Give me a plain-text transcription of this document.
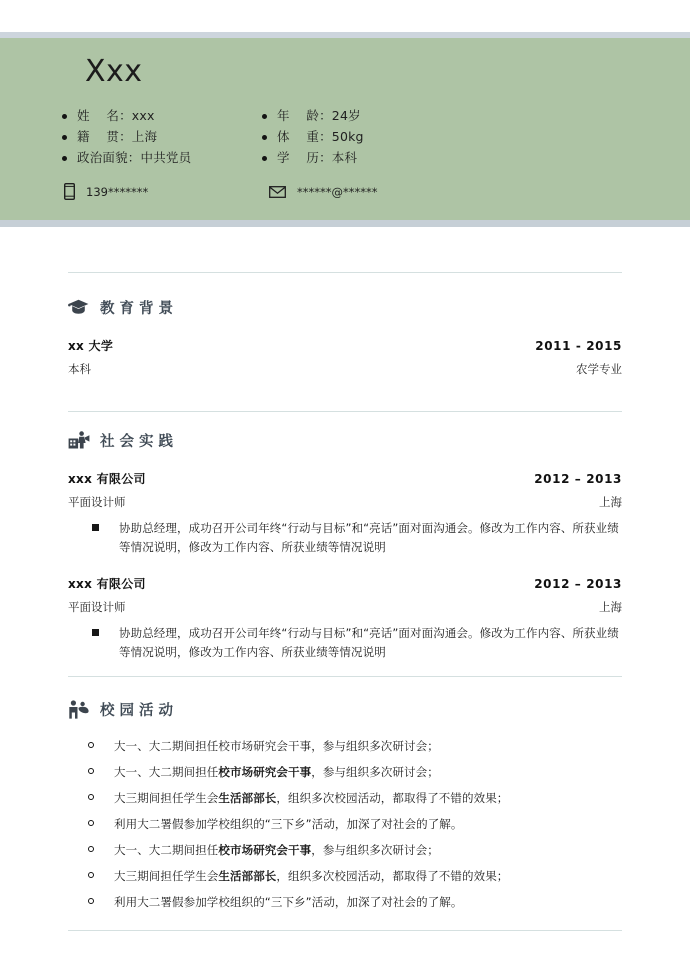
Xxx
姓    名： xxx	年    龄： 24岁
籍    贯： 上海	体    重： 50kg
政治面貌： 中共党员	学    历： 本科
139*******	******@******
教育背景
xx 大学	2011 - 2015
本科	农学专业
社会实践
xxx 有限公司	2012 – 2013
平面设计师	上海
协助总经理，成功召开公司年终“行动与目标”和“亮话”面对面沟通会。修改为工作内容、所获业绩等情况说明，修改为工作内容、所获业绩等情况说明
xxx 有限公司	2012 – 2013
平面设计师	上海
协助总经理，成功召开公司年终“行动与目标”和“亮话”面对面沟通会。修改为工作内容、所获业绩等情况说明，修改为工作内容、所获业绩等情况说明
校园活动
大一、大二期间担任校市场研究会干事，参与组织多次研讨会；
大一、大二期间担任校市场研究会干事，参与组织多次研讨会；
大三期间担任学生会生活部部长，组织多次校园活动，都取得了不错的效果；
利用大二署假参加学校组织的“三下乡”活动，加深了对社会的了解。
大一、大二期间担任校市场研究会干事，参与组织多次研讨会；
大三期间担任学生会生活部部长，组织多次校园活动，都取得了不错的效果；
利用大二署假参加学校组织的“三下乡”活动，加深了对社会的了解。
